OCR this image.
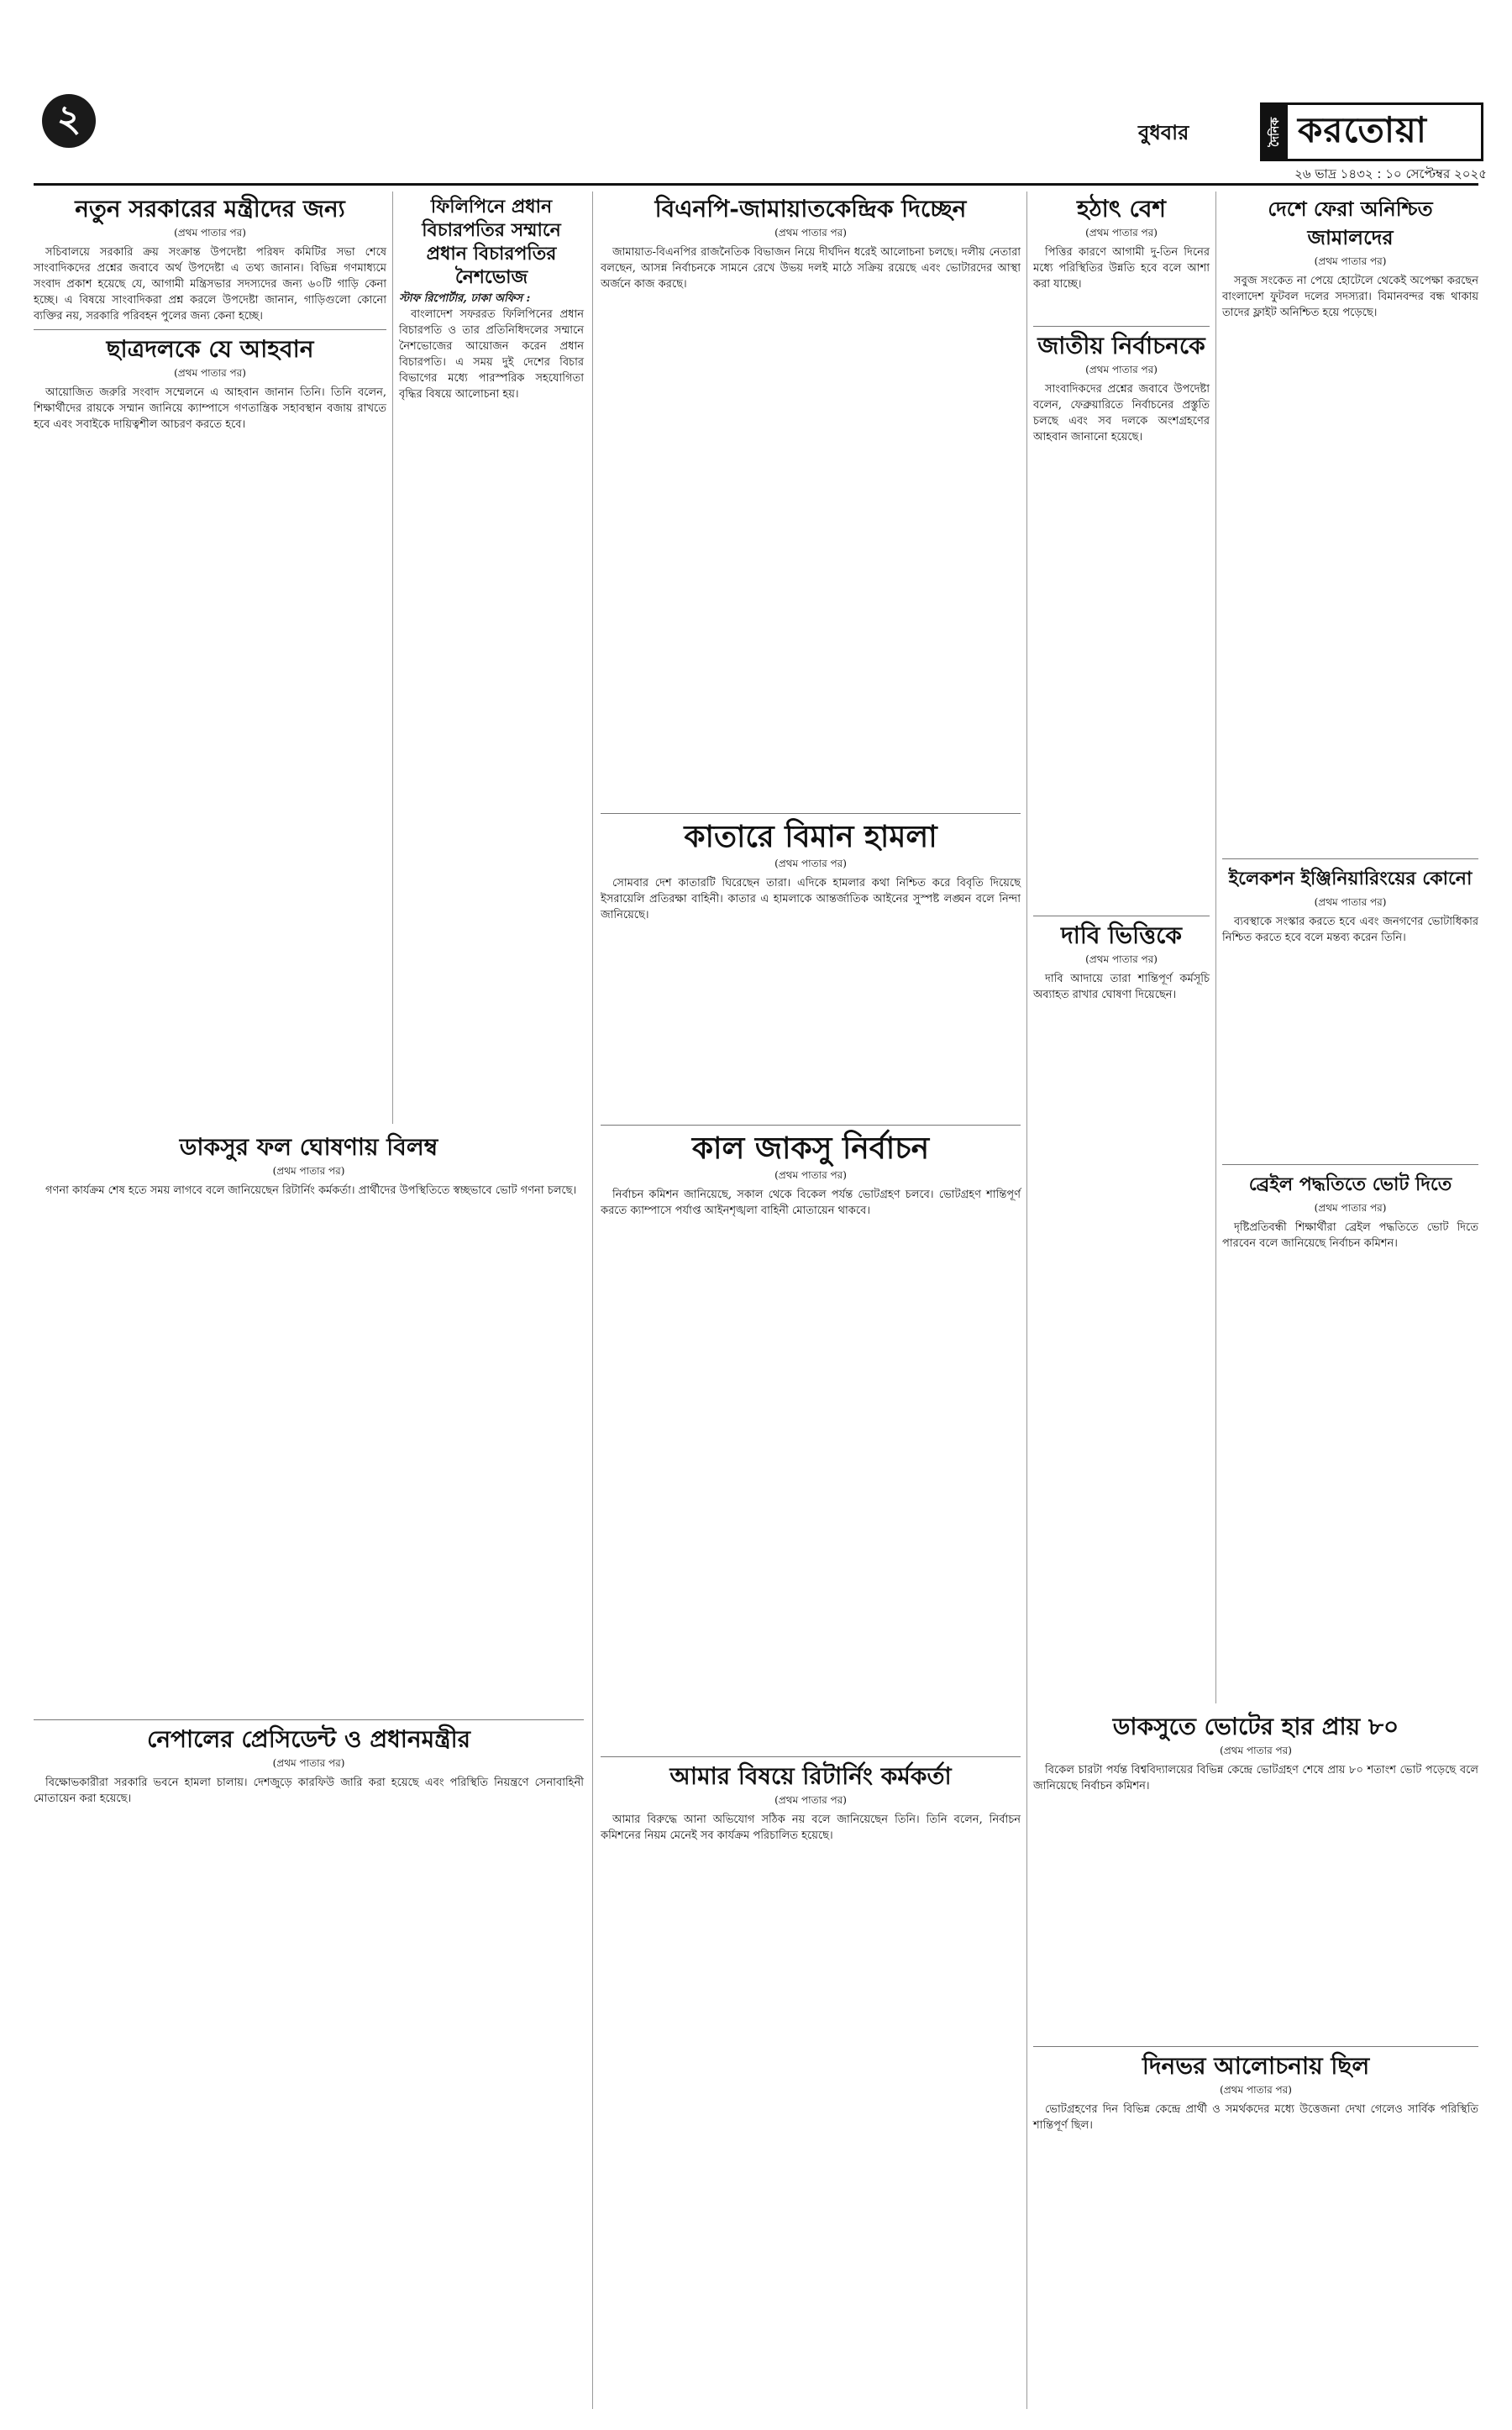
২	বুধবার	দৈনিক করতোয়া
২৬ ভাদ্র ১৪৩২ : ১০ সেপ্টেম্বর ২০২৫
নতুন সরকারের মন্ত্রীদের জন্য
(প্রথম পাতার পর)

সচিবালয়ে সরকারি ক্রয় সংক্রান্ত উপদেষ্টা পরিষদ কমিটির সভা শেষে সাংবাদিকদের প্রশ্নের জবাবে অর্থ উপদেষ্টা এ তথ্য জানান। বিভিন্ন গণমাধ্যমে সংবাদ প্রকাশ হয়েছে যে, আগামী মন্ত্রিসভার সদস্যদের জন্য ৬০টি গাড়ি কেনা হচ্ছে। এ বিষয়ে সাংবাদিকরা প্রশ্ন করলে উপদেষ্টা জানান, গাড়িগুলো কোনো ব্যক্তির নয়, সরকারি পরিবহন পুলের জন্য কেনা হচ্ছে।

ছাত্রদলকে যে আহবান
(প্রথম পাতার পর)

আয়োজিত জরুরি সংবাদ সম্মেলনে এ আহবান জানান তিনি। তিনি বলেন, শিক্ষার্থীদের রায়কে সম্মান জানিয়ে ক্যাম্পাসে গণতান্ত্রিক সহাবস্থান বজায় রাখতে হবে এবং সবাইকে দায়িত্বশীল আচরণ করতে হবে।

ফিলিপিনে প্রধান বিচারপতির সম্মানে প্রধান বিচারপতির নৈশভোজ
স্টাফ রিপোর্টার, ঢাকা অফিস :

বাংলাদেশ সফররত ফিলিপিনের প্রধান বিচারপতি ও তার প্রতিনিধিদলের সম্মানে নৈশভোজের আয়োজন করেন প্রধান বিচারপতি। এ সময় দুই দেশের বিচার বিভাগের মধ্যে পারস্পরিক সহযোগিতা বৃদ্ধির বিষয়ে আলোচনা হয়।

ডাকসুর ফল ঘোষণায় বিলম্ব
(প্রথম পাতার পর)

গণনা কার্যক্রম শেষ হতে সময় লাগবে বলে জানিয়েছেন রিটার্নিং কর্মকর্তা। প্রার্থীদের উপস্থিতিতে স্বচ্ছভাবে ভোট গণনা চলছে।

নেপালের প্রেসিডেন্ট ও প্রধানমন্ত্রীর
(প্রথম পাতার পর)

বিক্ষোভকারীরা সরকারি ভবনে হামলা চালায়। দেশজুড়ে কারফিউ জারি করা হয়েছে এবং পরিস্থিতি নিয়ন্ত্রণে সেনাবাহিনী মোতায়েন করা হয়েছে।

বিএনপি-জামায়াতকেন্দ্রিক দিচ্ছেন
(প্রথম পাতার পর)

জামায়াত-বিএনপির রাজনৈতিক বিভাজন নিয়ে দীর্ঘদিন ধরেই আলোচনা চলছে। দলীয় নেতারা বলছেন, আসন্ন নির্বাচনকে সামনে রেখে উভয় দলই মাঠে সক্রিয় রয়েছে এবং ভোটারদের আস্থা অর্জনে কাজ করছে।

কাতারে বিমান হামলা
(প্রথম পাতার পর)

সোমবার দেশ কাতারটি ঘিরেছেন তারা। এদিকে হামলার কথা নিশ্চিত করে বিবৃতি দিয়েছে ইসরায়েলি প্রতিরক্ষা বাহিনী। কাতার এ হামলাকে আন্তর্জাতিক আইনের সুস্পষ্ট লঙ্ঘন বলে নিন্দা জানিয়েছে।

কাল জাকসু নির্বাচন
(প্রথম পাতার পর)

নির্বাচন কমিশন জানিয়েছে, সকাল থেকে বিকেল পর্যন্ত ভোটগ্রহণ চলবে। ভোটগ্রহণ শান্তিপূর্ণ করতে ক্যাম্পাসে পর্যাপ্ত আইনশৃঙ্খলা বাহিনী মোতায়েন থাকবে।

আমার বিষয়ে রিটার্নিং কর্মকর্তা
(প্রথম পাতার পর)

আমার বিরুদ্ধে আনা অভিযোগ সঠিক নয় বলে জানিয়েছেন তিনি। তিনি বলেন, নির্বাচন কমিশনের নিয়ম মেনেই সব কার্যক্রম পরিচালিত হয়েছে।

হঠাৎ বেশ
(প্রথম পাতার পর)

পিত্তির কারণে আগামী দু-তিন দিনের মধ্যে পরিস্থিতির উন্নতি হবে বলে আশা করা যাচ্ছে।

জাতীয় নির্বাচনকে
(প্রথম পাতার পর)

সাংবাদিকদের প্রশ্নের জবাবে উপদেষ্টা বলেন, ফেব্রুয়ারিতে নির্বাচনের প্রস্তুতি চলছে এবং সব দলকে অংশগ্রহণের আহবান জানানো হয়েছে।

দাবি ভিত্তিকে
(প্রথম পাতার পর)

দাবি আদায়ে তারা শান্তিপূর্ণ কর্মসূচি অব্যাহত রাখার ঘোষণা দিয়েছেন।

দেশে ফেরা অনিশ্চিত জামালদের
(প্রথম পাতার পর)

সবুজ সংকেত না পেয়ে হোটেলে থেকেই অপেক্ষা করছেন বাংলাদেশ ফুটবল দলের সদস্যরা। বিমানবন্দর বন্ধ থাকায় তাদের ফ্লাইট অনিশ্চিত হয়ে পড়েছে।

ইলেকশন ইঞ্জিনিয়ারিংয়ের কোনো
(প্রথম পাতার পর)

ব্যবস্থাকে সংস্কার করতে হবে এবং জনগণের ভোটাধিকার নিশ্চিত করতে হবে বলে মন্তব্য করেন তিনি।

ব্রেইল পদ্ধতিতে ভোট দিতে
(প্রথম পাতার পর)

দৃষ্টিপ্রতিবন্ধী শিক্ষার্থীরা ব্রেইল পদ্ধতিতে ভোট দিতে পারবেন বলে জানিয়েছে নির্বাচন কমিশন।

ডাকসুতে ভোটের হার প্রায় ৮০
(প্রথম পাতার পর)

বিকেল চারটা পর্যন্ত বিশ্ববিদ্যালয়ের বিভিন্ন কেন্দ্রে ভোটগ্রহণ শেষে প্রায় ৮০ শতাংশ ভোট পড়েছে বলে জানিয়েছে নির্বাচন কমিশন।

দিনভর আলোচনায় ছিল
(প্রথম পাতার পর)

ভোটগ্রহণের দিন বিভিন্ন কেন্দ্রে প্রার্থী ও সমর্থকদের মধ্যে উত্তেজনা দেখা গেলেও সার্বিক পরিস্থিতি শান্তিপূর্ণ ছিল।
